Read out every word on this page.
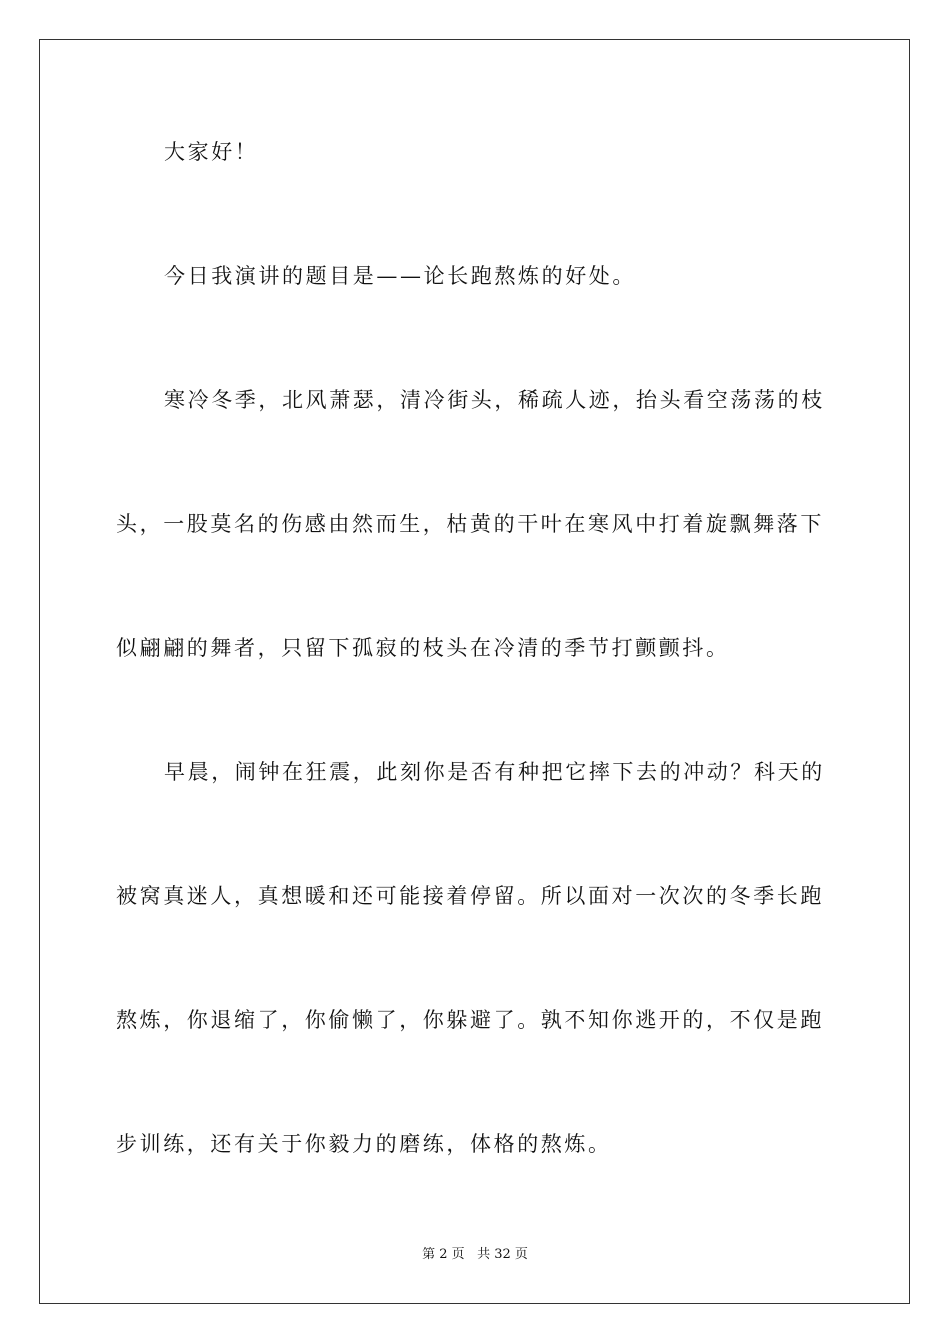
大家好！
今日我演讲的题目是——论长跑熬炼的好处。
寒冷冬季，北风萧瑟，清冷街头，稀疏人迹，抬头看空荡荡的枝
头，一股莫名的伤感由然而生，枯黄的干叶在寒风中打着旋飘舞落下
似翩翩的舞者，只留下孤寂的枝头在冷清的季节打颤颤抖。
早晨，闹钟在狂震，此刻你是否有种把它摔下去的冲动？科天的
被窝真迷人，真想暖和还可能接着停留。所以面对一次次的冬季长跑
熬炼，你退缩了，你偷懒了，你躲避了。孰不知你逃开的，不仅是跑
步训练，还有关于你毅力的磨练，体格的熬炼。
第 2 页 共 32 页
